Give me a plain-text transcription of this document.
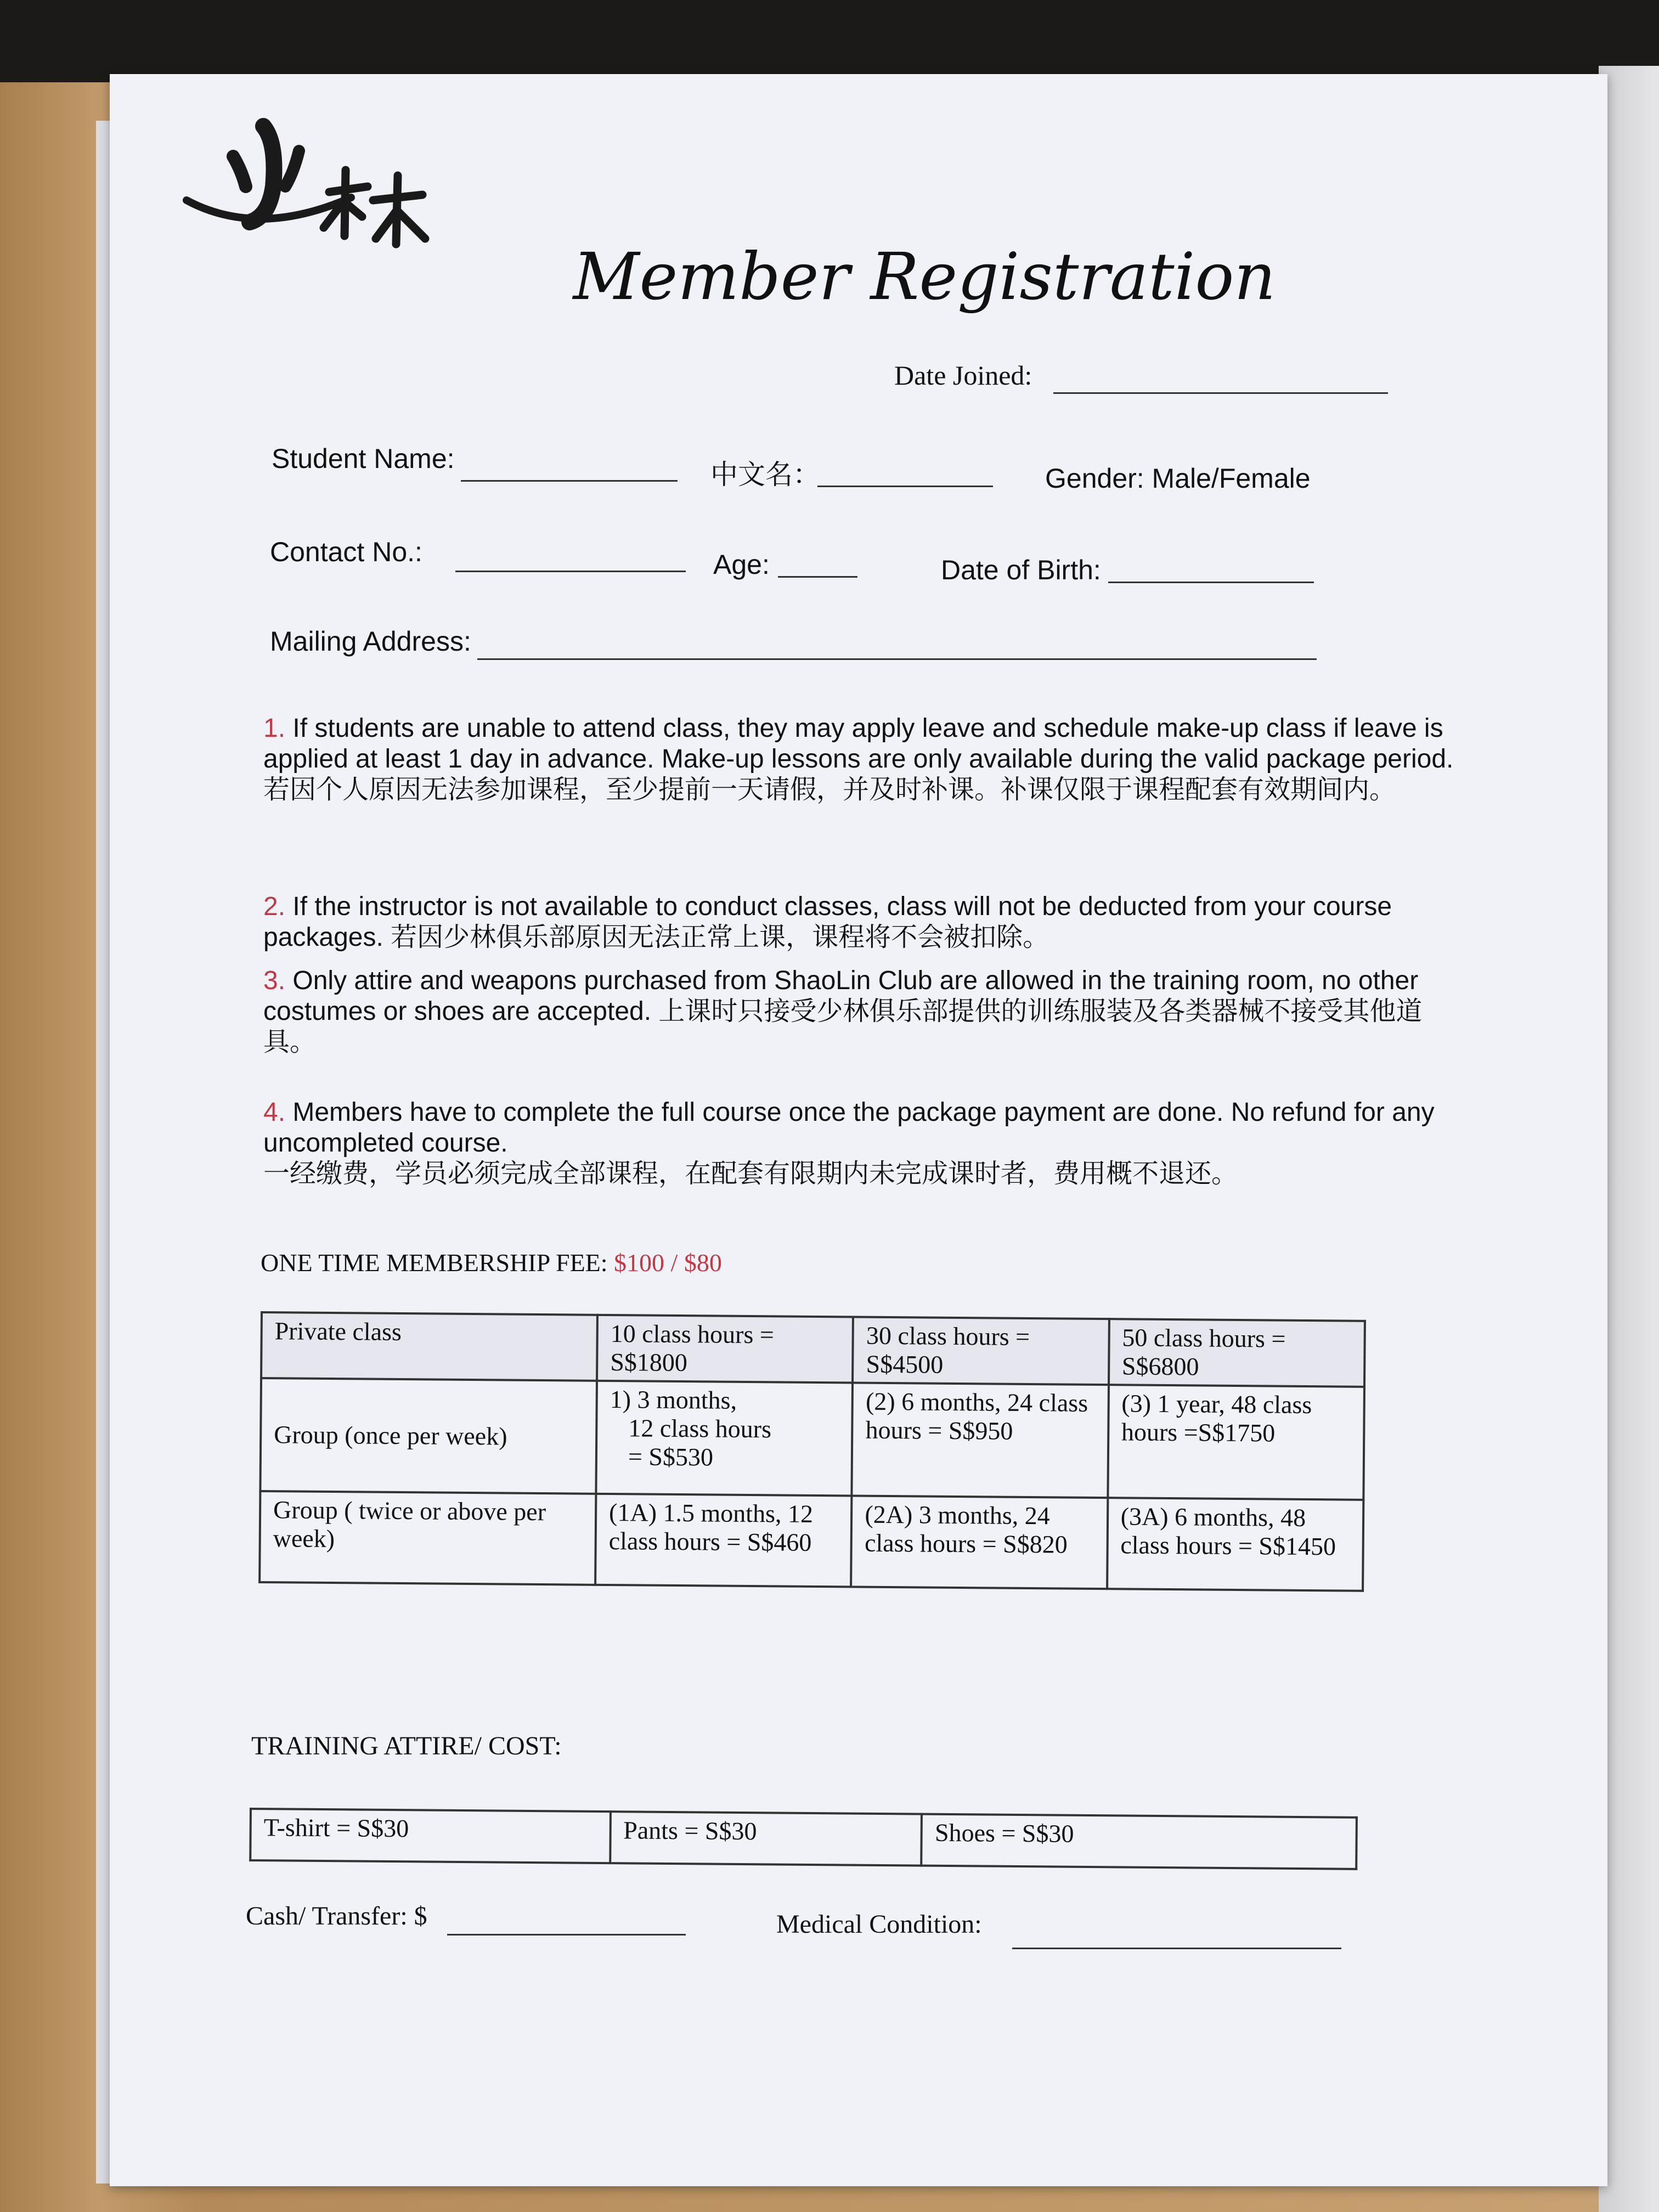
Member Registration
Date Joined:
Student Name:
中文名：	Gender: Male/Female
Contact No.:	Age:	Date of Birth:
Mailing Address:
1. If students are unable to attend class, they may apply leave and schedule make-up class if leave is applied at least 1 day in advance. Make-up lessons are only available during the valid package period. 若因个人原因无法参加课程，至少提前一天请假，并及时补课。补课仅限于课程配套有效期间内。
2. If the instructor is not available to conduct classes, class will not be deducted from your course packages. 若因少林俱乐部原因无法正常上课，课程将不会被扣除。
3. Only attire and weapons purchased from ShaoLin Club are allowed in the training room, no other costumes or shoes are accepted. 上课时只接受少林俱乐部提供的训练服装及各类器械不接受其他道具。
4. Members have to complete the full course once the package payment are done. No refund for any uncompleted course.
一经缴费，学员必须完成全部课程，在配套有限期内未完成课时者，费用概不退还。
ONE TIME MEMBERSHIP FEE: $100 / $80
Private class	10 class hours = S$1800	30 class hours = S$4500	50 class hours = S$6800
Group (once per week)	1) 3 months,
12 class hours
= S$530	(2) 6 months, 24 class hours = S$950	(3) 1 year, 48 class hours =S$1750
Group ( twice or above per week)	(1A) 1.5 months, 12 class hours = S$460	(2A) 3 months, 24 class hours = S$820	(3A) 6 months, 48 class hours = S$1450
TRAINING ATTIRE/ COST:
T-shirt = S$30	Pants = S$30	Shoes = S$30
Cash/ Transfer: $	Medical Condition:
